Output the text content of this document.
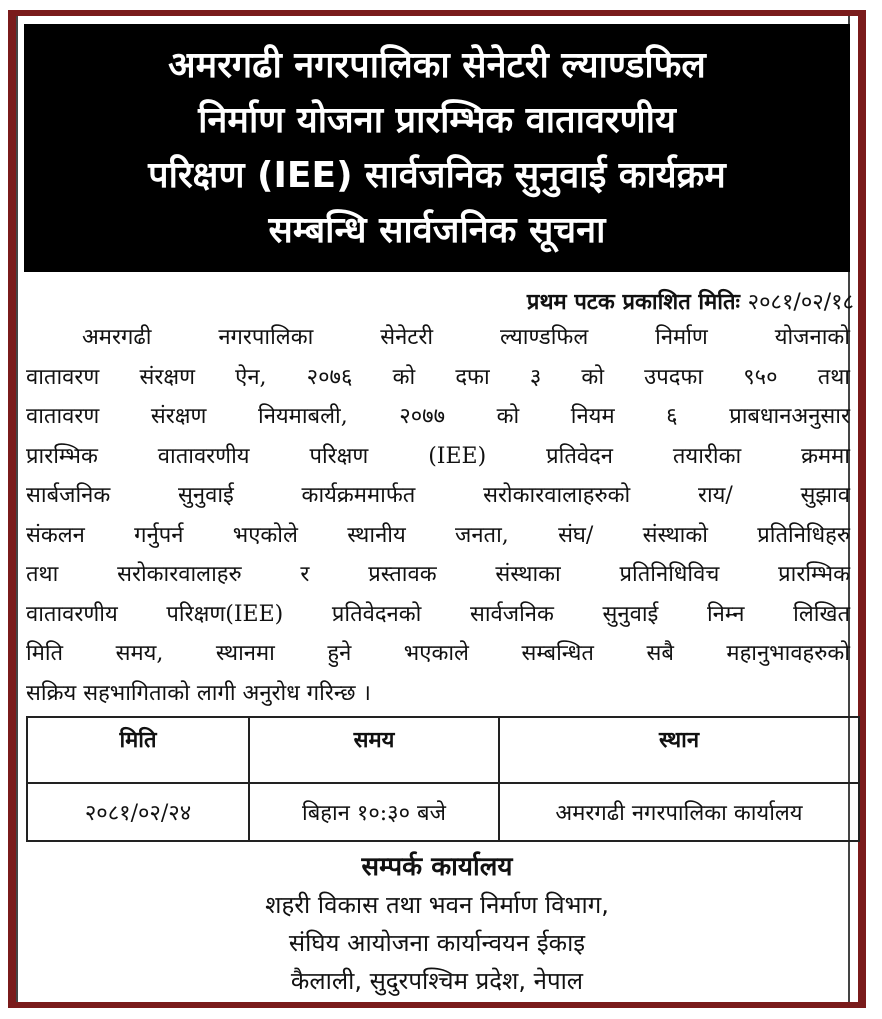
अमरगढी नगरपालिका सेनेटरी ल्याण्डफिल
निर्माण योजना प्रारम्भिक वातावरणीय
परिक्षण (IEE) सार्वजनिक सुनुवाई कार्यक्रम
सम्बन्धि सार्वजनिक सूचना
प्रथम पटक प्रकाशित मितिः २०८१/०२/१८
अमरगढी नगरपालिका सेनेटरी ल्याण्डफिल निर्माण योजनाको
वातावरण संरक्षण ऐन, २०७६ को दफा ३ को उपदफा ९५० तथा
वातावरण संरक्षण नियमाबली, २०७७ को नियम ६ प्राबधानअनुसार
प्रारम्भिक वातावरणीय परिक्षण (IEE) प्रतिवेदन तयारीका क्रममा
सार्बजनिक सुनुवाई कार्यक्रममार्फत सरोकारवालाहरुको राय/ सुझाव
संकलन गर्नुपर्न भएकोले स्थानीय जनता, संघ/ संस्थाको प्रतिनिधिहरु
तथा सरोकारवालाहरु र प्रस्तावक संस्थाका प्रतिनिधिविच प्रारम्भिक
वातावरणीय परिक्षण(IEE) प्रतिवेदनको सार्वजनिक सुनुवाई निम्न लिखित
मिति समय, स्थानमा हुने भएकाले सम्बन्धित सबै महानुभावहरुको
सक्रिय सहभागिताको लागी अनुरोध गरिन्छ ।
मिति	समय	स्थान
२०८१/०२/२४	बिहान १०:३० बजे	अमरगढी नगरपालिका कार्यालय
सम्पर्क कार्यालय
शहरी विकास तथा भवन निर्माण विभाग,
संघिय आयोजना कार्यान्वयन ईकाइ
कैलाली, सुदुरपश्चिम प्रदेश, नेपाल
